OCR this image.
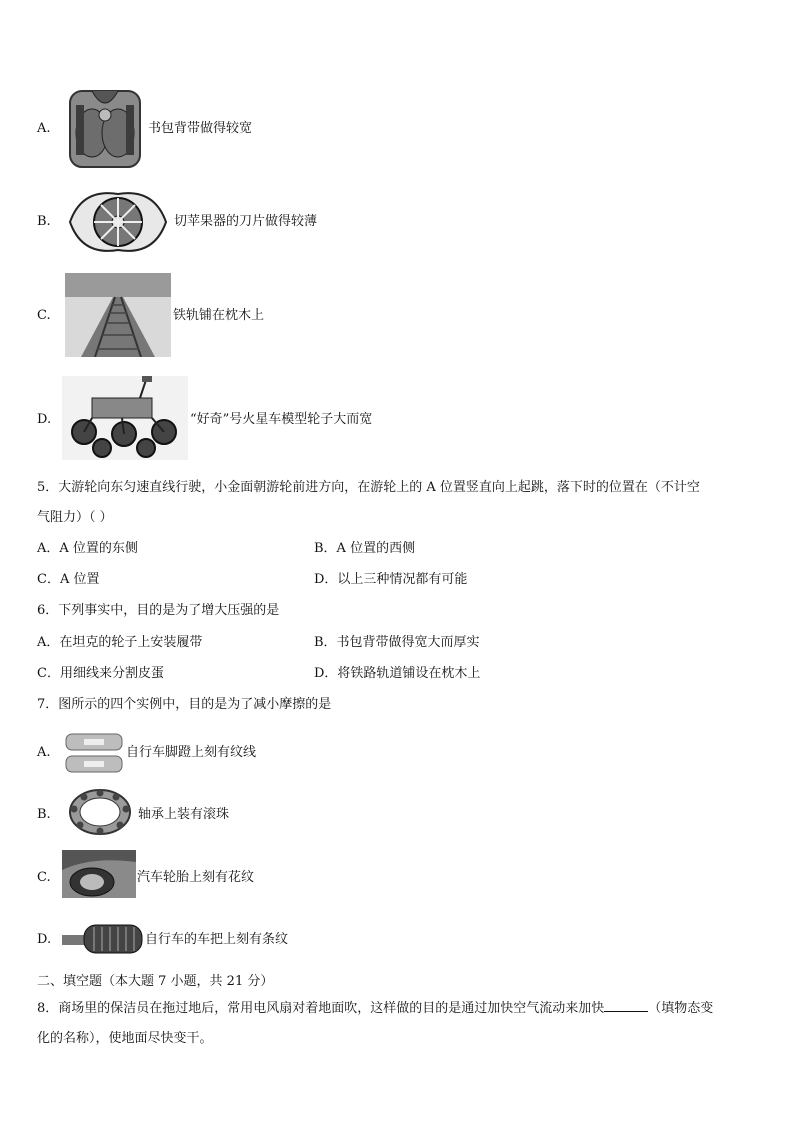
A.	书包背带做得较宽
B.	切苹果器的刀片做得较薄
C.	铁轨铺在枕木上
D.	“好奇”号火星车模型轮子大而宽
5．大游轮向东匀速直线行驶，小金面朝游轮前进方向，在游轮上的 A 位置竖直向上起跳，落下时的位置在（不计空
气阻力）（ ）
A．A 位置的东侧	B．A 位置的西侧
C．A 位置	D．以上三种情况都有可能
6．下列事实中，目的是为了增大压强的是
A．在坦克的轮子上安装履带	B．书包背带做得宽大而厚实
C．用细线来分割皮蛋	D．将铁路轨道铺设在枕木上
7．图所示的四个实例中，目的是为了减小摩擦的是
A.	自行车脚蹬上刻有纹线
B.	轴承上装有滚珠
C.	汽车轮胎上刻有花纹
D.	自行车的车把上刻有条纹
二、填空题（本大题 7 小题，共 21 分）
8．商场里的保洁员在拖过地后，常用电风扇对着地面吹，这样做的目的是通过加快空气流动来加快	（填物态变
化的名称），使地面尽快变干。
